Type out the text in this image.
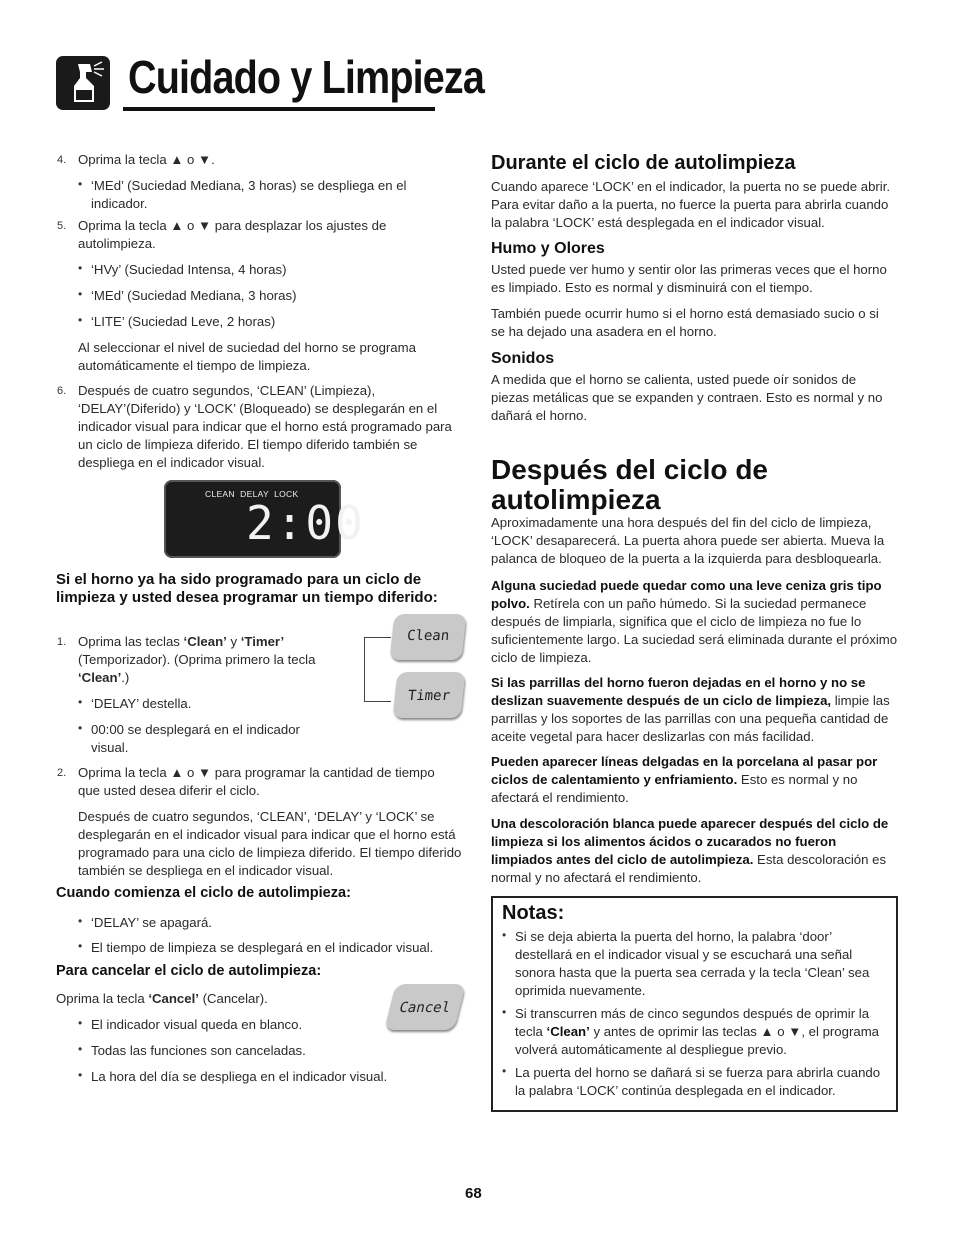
Cuidado y Limpieza
4. Oprima la tecla ▲ o ▼.
• ‘MEd’ (Suciedad Mediana, 3 horas) se despliega en el indicador.
5. Oprima la tecla ▲ o ▼ para desplazar los ajustes de autolimpieza.
• ‘HVy’ (Suciedad Intensa, 4 horas)
• ‘MEd’ (Suciedad Mediana, 3 horas)
• ‘LITE’ (Suciedad Leve, 2 horas)
Al seleccionar el nivel de suciedad del horno se programa automáticamente el tiempo de limpieza.
6. Después de cuatro segundos, ‘CLEAN’ (Limpieza), ‘DELAY’(Diferido) y ‘LOCK’ (Bloqueado) se desplegarán en el indicador visual para indicar que el horno está programado para un ciclo de limpieza diferido. El tiempo diferido también se despliega en el indicador visual.
CLEAN  DELAY  LOCK
2:00
Si el horno ya ha sido programado para un ciclo de limpieza y usted desea programar un tiempo diferido:
1. Oprima las teclas ‘Clean’ y ‘Timer’ (Temporizador). (Oprima primero la tecla ‘Clean’.)
• ‘DELAY’ destella.
• 00:00 se desplegará en el indicador visual.
Clean
Timer
2. Oprima la tecla ▲ o ▼ para programar la cantidad de tiempo que usted desea diferir el ciclo.
Después de cuatro segundos, ‘CLEAN’, ‘DELAY’ y ‘LOCK’ se desplegarán en el indicador visual para indicar que el horno está programado para una ciclo de limpieza diferido. El tiempo diferido también se despliega en el indicador visual.
Cuando comienza el ciclo de autolimpieza:
• ‘DELAY’ se apagará.
• El tiempo de limpieza se desplegará en el indicador visual.
Para cancelar el ciclo de autolimpieza:
Oprima la tecla ‘Cancel’ (Cancelar).
Cancel
• El indicador visual queda en blanco.
• Todas las funciones son canceladas.
• La hora del día se despliega en el indicador visual.
Durante el ciclo de autolimpieza
Cuando aparece ‘LOCK’ en el indicador, la puerta no se puede abrir. Para evitar daño a la puerta, no fuerce la puerta para abrirla cuando la palabra ‘LOCK’ está desplegada en el indicador visual.
Humo y Olores
Usted puede ver humo y sentir olor las primeras veces que el horno es limpiado. Esto es normal y disminuirá con el tiempo.
También puede ocurrir humo si el horno está demasiado sucio o si se ha dejado una asadera en el horno.
Sonidos
A medida que el horno se calienta, usted puede oír sonidos de piezas metálicas que se expanden y contraen. Esto es normal y no dañará el horno.
Después del ciclo de autolimpieza
Aproximadamente una hora después del fin del ciclo de limpieza, ‘LOCK’ desaparecerá. La puerta ahora puede ser abierta. Mueva la palanca de bloqueo de la puerta a la izquierda para desbloquearla.
Alguna suciedad puede quedar como una leve ceniza gris tipo polvo. Retírela con un paño húmedo. Si la suciedad permanece después de limpiarla, significa que el ciclo de limpieza no fue lo suficientemente largo. La suciedad será eliminada durante el próximo ciclo de limpieza.
Si las parrillas del horno fueron dejadas en el horno y no se deslizan suavemente después de un ciclo de limpieza, limpie las parrillas y los soportes de las parrillas con una pequeña cantidad de aceite vegetal para hacer deslizarlas con más facilidad.
Pueden aparecer líneas delgadas en la porcelana al pasar por ciclos de calentamiento y enfriamiento. Esto es normal y no afectará el rendimiento.
Una descoloración blanca puede aparecer después del ciclo de limpieza si los alimentos ácidos o zucarados no fueron limpiados antes del ciclo de autolimpieza. Esta descoloración es normal y no afectará el rendimiento.
Notas:
• Si se deja abierta la puerta del horno, la palabra ‘door’ destellará en el indicador visual y se escuchará una señal sonora hasta que la puerta sea cerrada y la tecla ‘Clean’ sea oprimida nuevamente.
• Si transcurren más de cinco segundos después de oprimir la tecla ‘Clean’ y antes de oprimir las teclas ▲ o ▼, el programa volverá automáticamente al despliegue previo.
• La puerta del horno se dañará si se fuerza para abrirla cuando la palabra ‘LOCK’ continúa desplegada en el indicador.
68
